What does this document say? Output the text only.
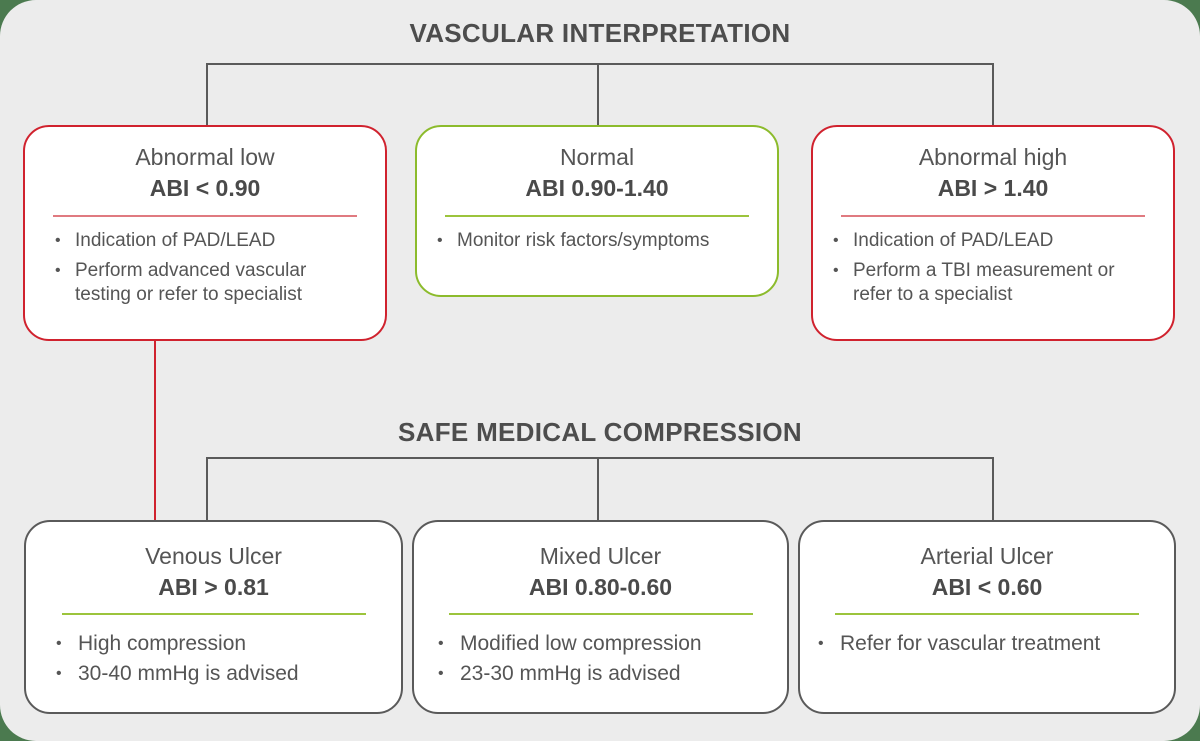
VASCULAR INTERPRETATION
Abnormal low
ABI < 0.90
• Indication of PAD/LEAD
• Perform advanced vascular testing or refer to specialist
Normal
ABI 0.90-1.40
• Monitor risk factors/symptoms
Abnormal high
ABI > 1.40
• Indication of PAD/LEAD
• Perform a TBI measurement or refer to a specialist
SAFE MEDICAL COMPRESSION
Venous Ulcer
ABI > 0.81
• High compression
• 30-40 mmHg is advised
Mixed Ulcer
ABI 0.80-0.60
• Modified low compression
• 23-30 mmHg is advised
Arterial Ulcer
ABI < 0.60
• Refer for vascular treatment
